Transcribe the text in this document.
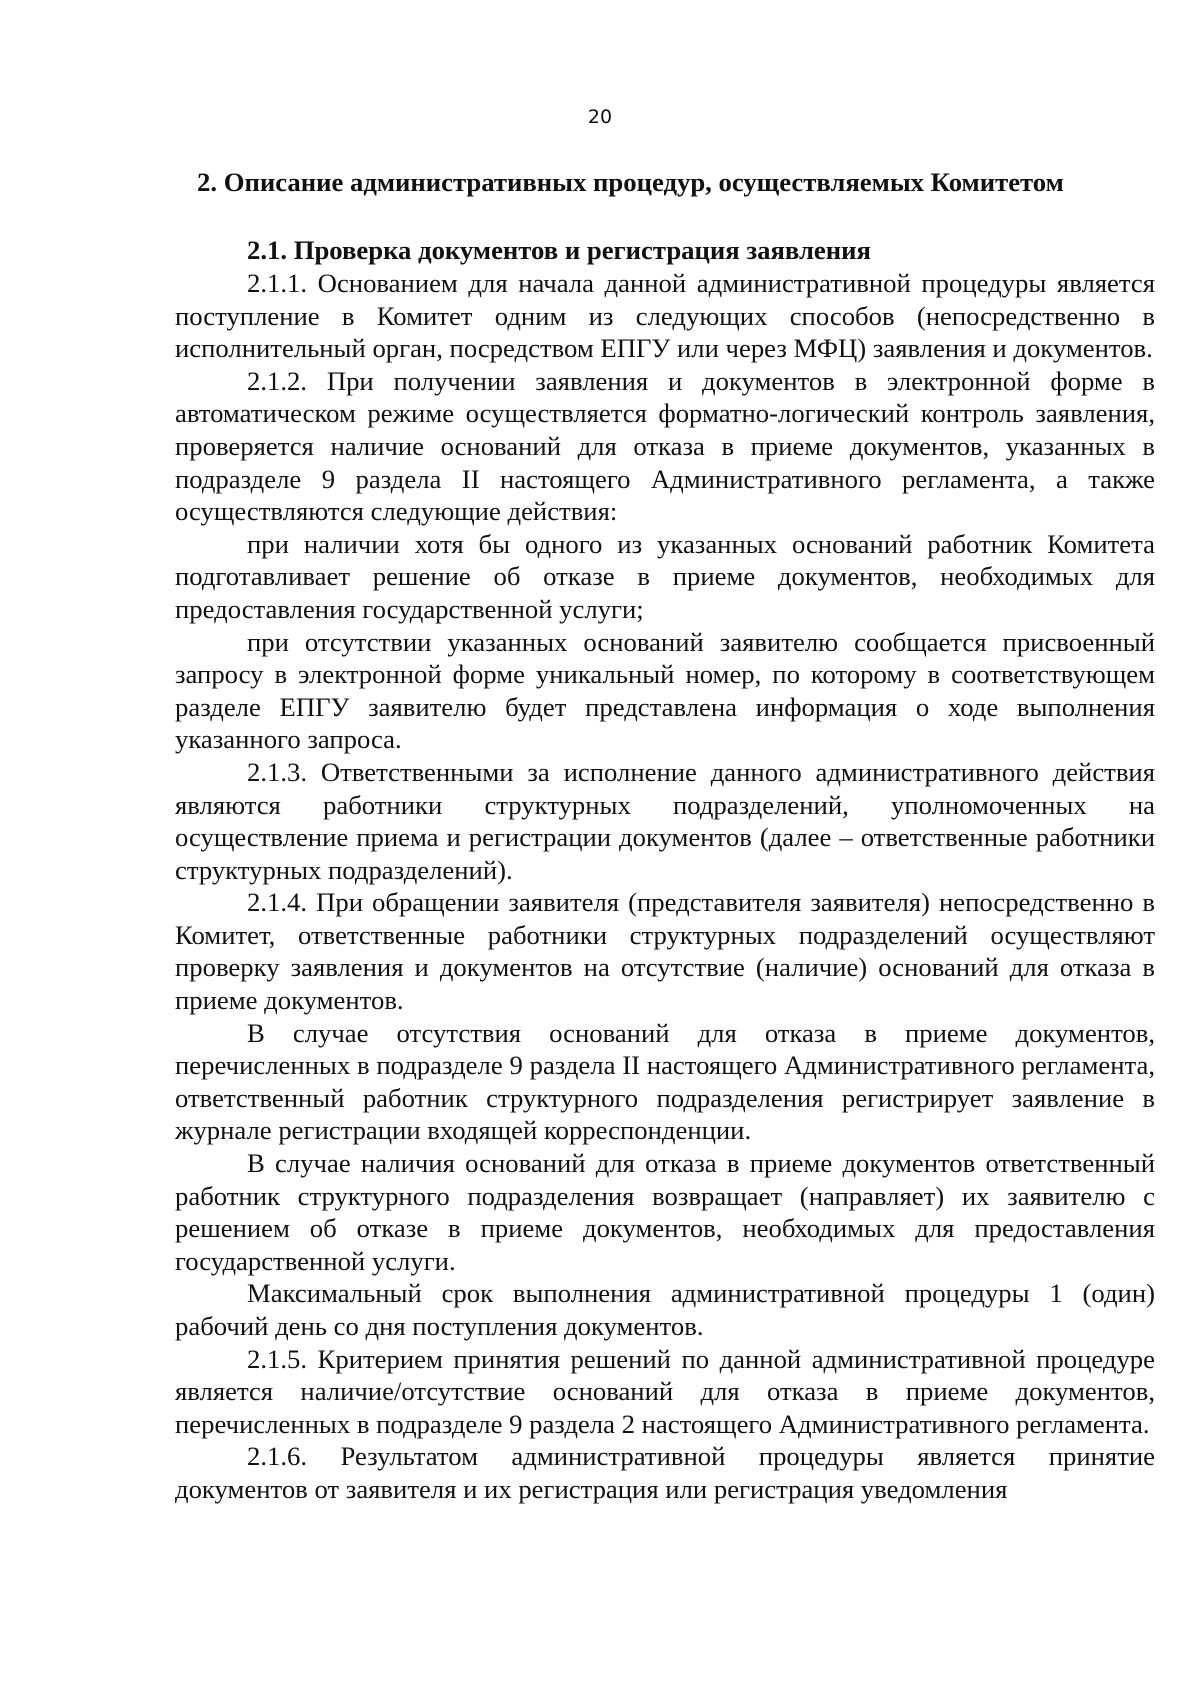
20
2. Описание административных процедур, осуществляемых Комитетом
2.1. Проверка документов и регистрация заявления

2.1.1. Основанием для начала данной административной процедуры является поступление в Комитет одним из следующих способов (непосредственно в исполнительный орган, посредством ЕПГУ или через МФЦ) заявления и документов.

2.1.2. При получении заявления и документов в электронной форме в автоматическом режиме осуществляется форматно-логический контроль заявления, проверяется наличие оснований для отказа в приеме документов, указанных в подразделе 9 раздела II настоящего Административного регламента, а также осуществляются следующие действия:

при наличии хотя бы одного из указанных оснований работник Комитета подготавливает решение об отказе в приеме документов, необходимых для предоставления государственной услуги;

при отсутствии указанных оснований заявителю сообщается присвоенный запросу в электронной форме уникальный номер, по которому в соответствующем разделе ЕПГУ заявителю будет представлена информация о ходе выполнения указанного запроса.

2.1.3. Ответственными за исполнение данного административного действия являются работники структурных подразделений, уполномоченных на осуществление приема и регистрации документов (далее – ответственные работники структурных подразделений).

2.1.4. При обращении заявителя (представителя заявителя) непосредственно в Комитет, ответственные работники структурных подразделений осуществляют проверку заявления и документов на отсутствие (наличие) оснований для отказа в приеме документов.

В случае отсутствия оснований для отказа в приеме документов, перечисленных в подразделе 9 раздела II настоящего Административного регламента, ответственный работник структурного подразделения регистрирует заявление в журнале регистрации входящей корреспонденции.

В случае наличия оснований для отказа в приеме документов ответственный работник структурного подразделения возвращает (направляет) их заявителю с решением об отказе в приеме документов, необходимых для предоставления государственной услуги.

Максимальный срок выполнения административной процедуры 1 (один) рабочий день со дня поступления документов.

2.1.5. Критерием принятия решений по данной административной процедуре является наличие/отсутствие оснований для отказа в приеме документов, перечисленных в подразделе 9 раздела 2 настоящего Административного регламента.

2.1.6. Результатом административной процедуры является принятие документов от заявителя и их регистрация или регистрация уведомления
